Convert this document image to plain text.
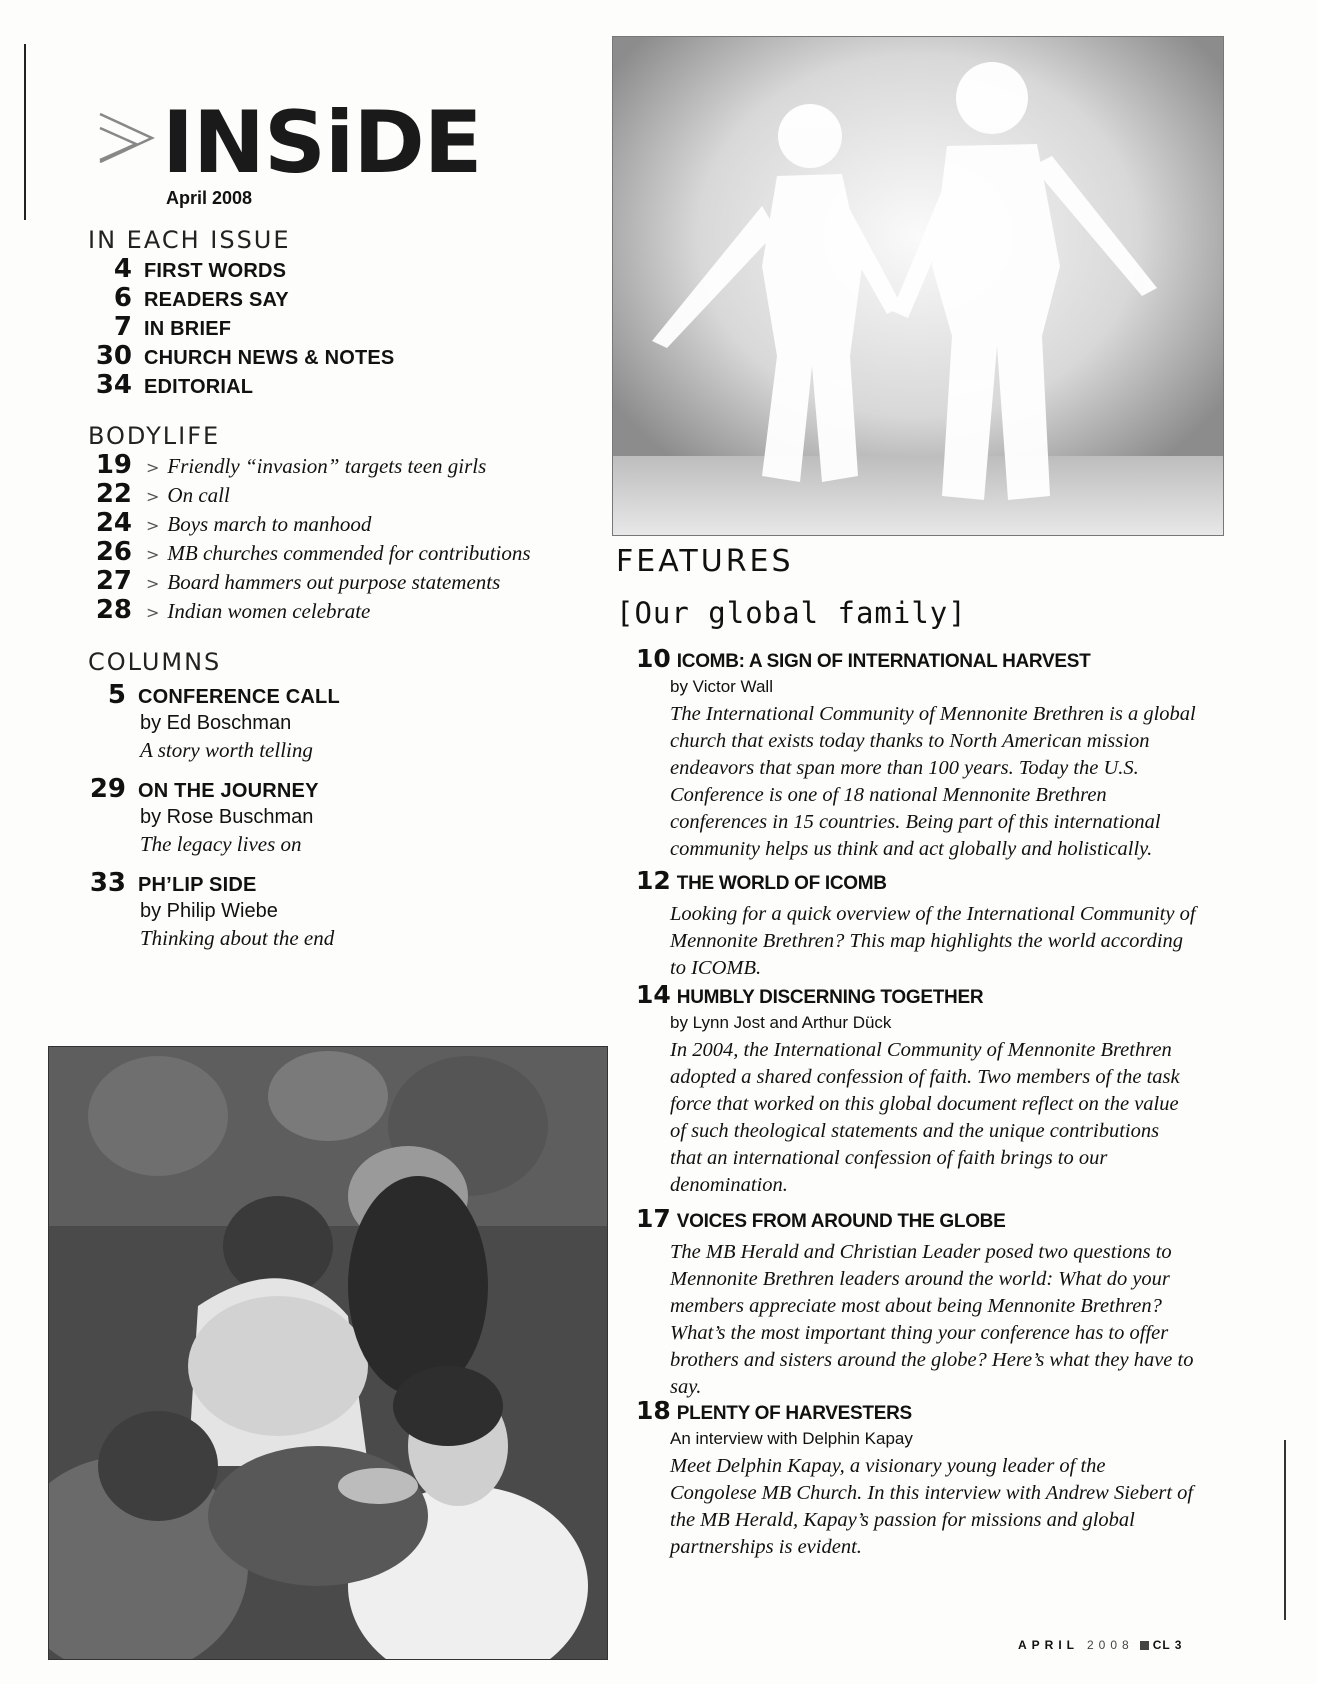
INSiDE
April 2008
IN EACH ISSUE
4 FIRST WORDS
6 READERS SAY
7 IN BRIEF
30 CHURCH NEWS & NOTES
34 EDITORIAL
BODYLIFE
19 > Friendly “invasion” targets teen girls
22 > On call
24 > Boys march to manhood
26 > MB churches commended for contributions
27 > Board hammers out purpose statements
28 > Indian women celebrate
COLUMNS
5 CONFERENCE CALL
by Ed Boschman
A story worth telling
29 ON THE JOURNEY
by Rose Buschman
The legacy lives on
33 PH’LIP SIDE
by Philip Wiebe
Thinking about the end
FEATURES
[Our global family]
10 ICOMB: A SIGN OF INTERNATIONAL HARVEST
by Victor Wall
The International Community of Mennonite Brethren is a global church that exists today thanks to North American mission endeavors that span more than 100 years. Today the U.S. Conference is one of 18 national Mennonite Brethren conferences in 15 countries. Being part of this international community helps us think and act globally and holistically.
12 THE WORLD OF ICOMB
Looking for a quick overview of the International Community of Mennonite Brethren? This map highlights the world according to ICOMB.
14 HUMBLY DISCERNING TOGETHER
by Lynn Jost and Arthur Dück
In 2004, the International Community of Mennonite Brethren adopted a shared confession of faith. Two members of the task force that worked on this global document reflect on the value of such theological statements and the unique contributions that an international confession of faith brings to our denomination.
17 VOICES FROM AROUND THE GLOBE
The MB Herald and Christian Leader posed two questions to Mennonite Brethren leaders around the world: What do your members appreciate most about being Mennonite Brethren? What’s the most important thing your conference has to offer brothers and sisters around the globe? Here’s what they have to say.
18 PLENTY OF HARVESTERS
An interview with Delphin Kapay
Meet Delphin Kapay, a visionary young leader of the Congolese MB Church. In this interview with Andrew Siebert of the MB Herald, Kapay’s passion for missions and global partnerships is evident.
APRIL 2008 CL 3
